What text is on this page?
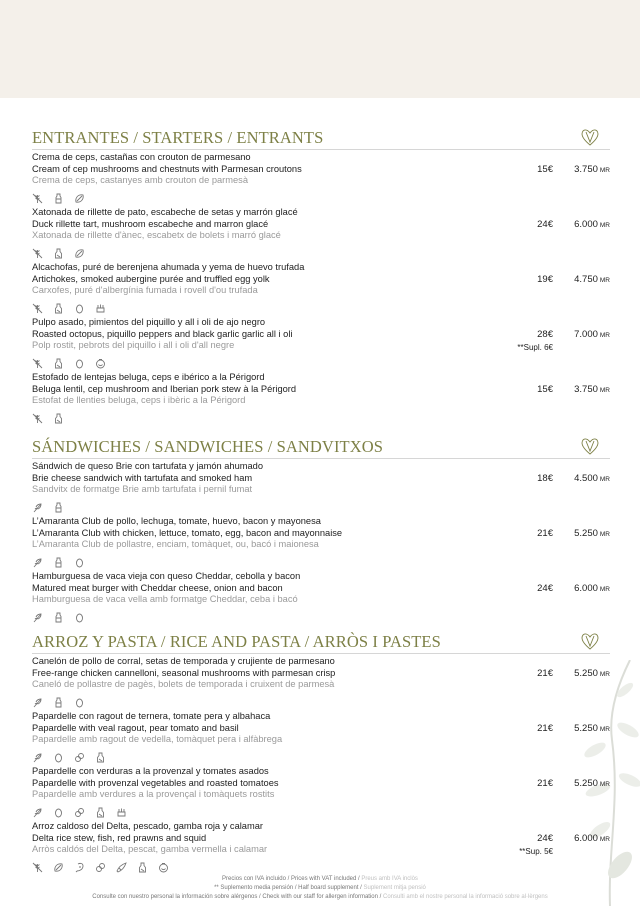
ENTRANTES / STARTERS / ENTRANTS
Crema de ceps, castañas con crouton de parmesano
Cream of cep mushrooms and chestnuts with Parmesan croutons
Crema de ceps, castanyes amb crouton de parmesà
15€ 3.750 MR
Xatonada de rillette de pato, escabeche de setas y marrón glacé
Duck rillette tart, mushroom escabeche and marron glacé
Xatonada de rillette d'ànec, escabetx de bolets i marró glacé
24€ 6.000 MR
Alcachofas, puré de berenjena ahumada y yema de huevo trufada
Artichokes, smoked aubergine purée and truffled egg yolk
Carxofes, puré d'albergínia fumada i rovell d'ou trufada
19€ 4.750 MR
Pulpo asado, pimientos del piquillo y all i oli de ajo negro
Roasted octopus, piquillo peppers and black garlic garlic all i oli
Polp rostit, pebrots del piquillo i all i oli d'all negre
28€
**Supl. 6€
7.000 MR
Estofado de lentejas beluga, ceps e ibérico a la Périgord
Beluga lentil, cep mushroom and Iberian pork stew à la Périgord
Estofat de llenties beluga, ceps i ibèric a la Périgord
15€ 3.750 MR
SÁNDWICHES / SANDWICHES / SANDVITXOS
Sándwich de queso Brie con tartufata y jamón ahumado
Brie cheese sandwich with tartufata and smoked ham
Sandvitx de formatge Brie amb tartufata i pernil fumat
18€ 4.500 MR
L’Amaranta Club de pollo, lechuga, tomate, huevo, bacon y mayonesa
L’Amaranta Club with chicken, lettuce, tomato, egg, bacon and mayonnaise
L’Amaranta Club de pollastre, enciam, tomàquet, ou, bacó i maionesa
21€ 5.250 MR
Hamburguesa de vaca vieja con queso Cheddar, cebolla y bacon
Matured meat burger with Cheddar cheese, onion and bacon
Hamburguesa de vaca vella amb formatge Cheddar, ceba i bacó
24€ 6.000 MR
ARROZ Y PASTA / RICE AND PASTA / ARRÒS I PASTES
Canelón de pollo de corral, setas de temporada y crujiente de parmesano
Free-range chicken cannelloni, seasonal mushrooms with parmesan crisp
Caneló de pollastre de pagès, bolets de temporada i cruixent de parmesà
21€ 5.250 MR
Papardelle con ragout de ternera, tomate pera y albahaca
Papardelle with veal ragout, pear tomato and basil
Papardelle amb ragout de vedella, tomàquet pera i alfàbrega
21€ 5.250 MR
Papardelle con verduras a la provenzal y tomates asados
Papardelle with provenzal vegetables and roasted tomatoes
Papardelle amb verdures a la provençal i tomàquets rostits
21€ 5.250 MR
Arroz caldoso del Delta, pescado, gamba roja y calamar
Delta rice stew, fish, red prawns and squid
Arròs caldós del Delta, pescat, gamba vermella i calamar
24€
**Sup. 5€
6.000 MR
Precios con IVA incluido / Prices with VAT included / Preus amb IVA inclòs
** Suplemento media pensión / Half board supplement / Suplement mitja pensió
Consulte con nuestro personal la información sobre alérgenos / Check with our staff for allergen information / Consulti amb el nostre personal la informació sobre al·lèrgens
